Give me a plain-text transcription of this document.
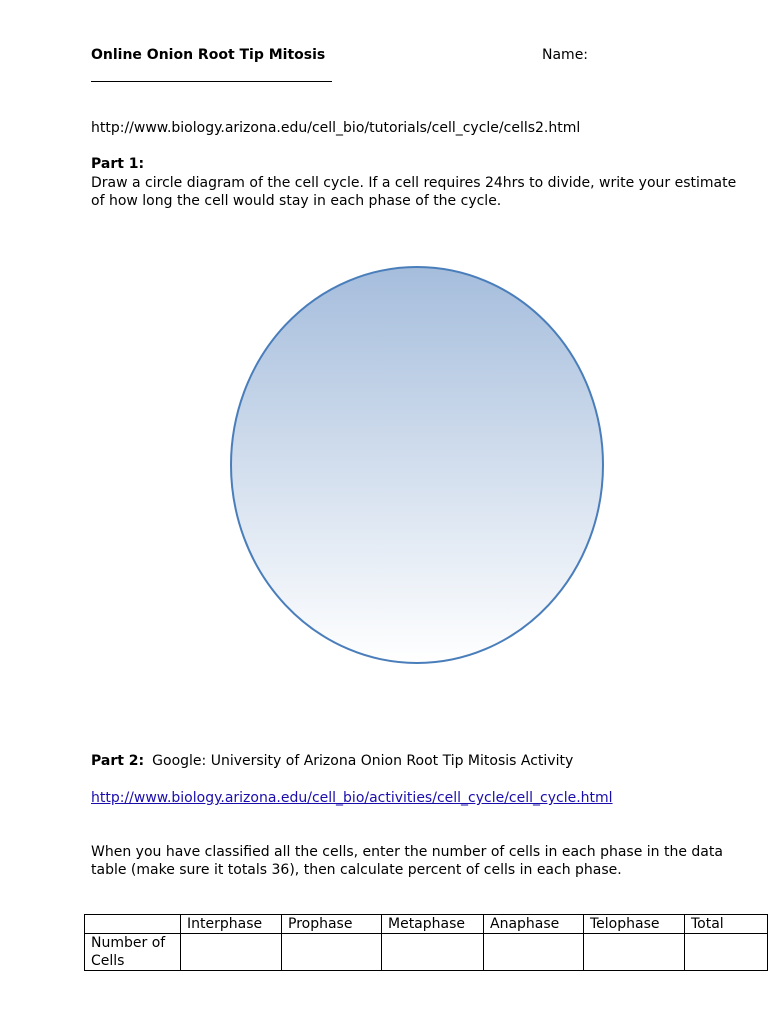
Online Onion Root Tip Mitosis	Name:
http://www.biology.arizona.edu/cell_bio/tutorials/cell_cycle/cells2.html
Part 1:
Draw a circle diagram of the cell cycle. If a cell requires 24hrs to divide, write your estimate of how long the cell would stay in each phase of the cycle.
Part 2: Google: University of Arizona Onion Root Tip Mitosis Activity
http://www.biology.arizona.edu/cell_bio/activities/cell_cycle/cell_cycle.html
When you have classified all the cells, enter the number of cells in each phase in the data table (make sure it totals 36), then calculate percent of cells in each phase.
	Interphase	Prophase	Metaphase	Anaphase	Telophase	Total
Number of Cells						
